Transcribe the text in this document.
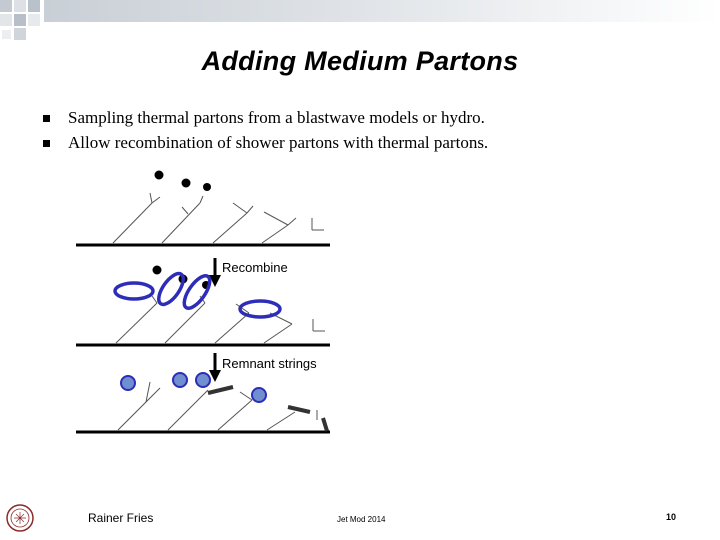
Adding Medium Partons
Sampling thermal partons from a blastwave models or hydro.
Allow recombination of shower partons with thermal partons.
Recombine
Remnant strings
Rainer Fries	Jet Mod 2014	10
